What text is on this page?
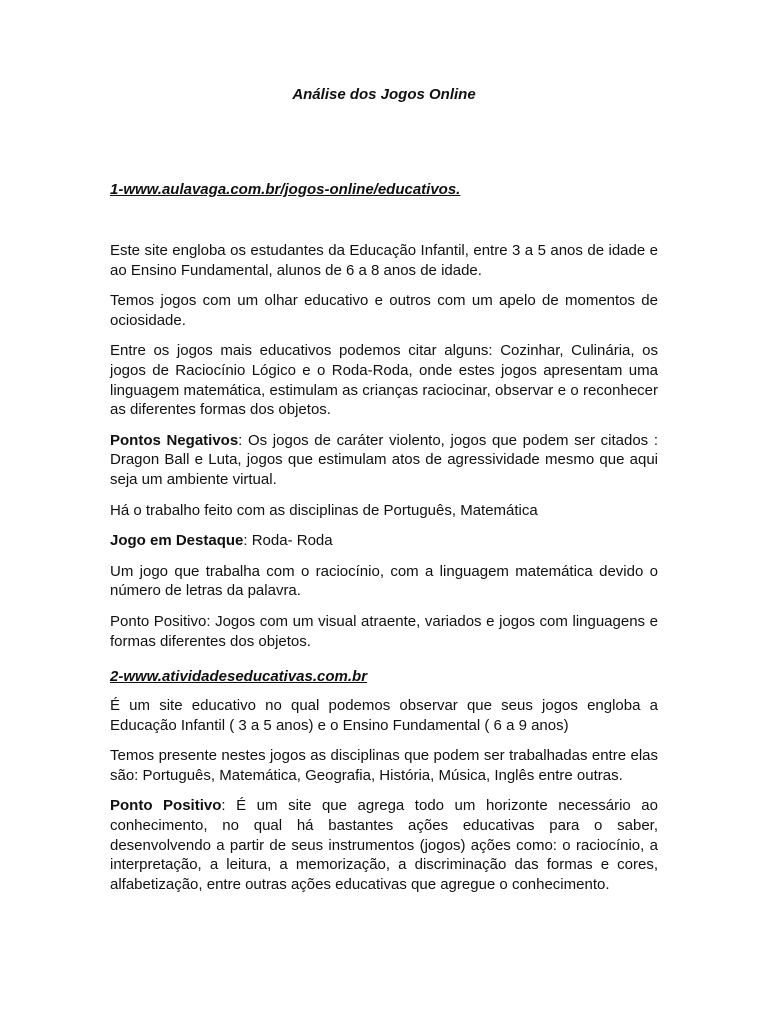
Análise dos Jogos Online
1-www.aulavaga.com.br/jogos-online/educativos.

Este site engloba os estudantes da Educação Infantil, entre 3 a 5 anos de idade e ao Ensino Fundamental, alunos de 6 a 8 anos de idade.

Temos jogos com um olhar educativo e outros com um apelo de momentos de ociosidade.

Entre os jogos mais educativos podemos citar alguns: Cozinhar, Culinária, os jogos de Raciocínio Lógico e o Roda-Roda, onde estes jogos apresentam uma linguagem matemática, estimulam as crianças raciocinar, observar e o reconhecer as diferentes formas dos objetos.

Pontos Negativos: Os jogos de caráter violento, jogos que podem ser citados : Dragon Ball e Luta, jogos que estimulam atos de agressividade mesmo que aqui seja um ambiente virtual.

Há o trabalho feito com as disciplinas de Português, Matemática

Jogo em Destaque: Roda- Roda

Um jogo que trabalha com o raciocínio, com a linguagem matemática devido o número de letras da palavra.

Ponto Positivo: Jogos com um visual atraente, variados e jogos com linguagens e formas diferentes dos objetos.

2-www.atividadeseducativas.com.br

É um site educativo no qual podemos observar que seus jogos engloba a Educação Infantil ( 3 a 5 anos) e o Ensino Fundamental ( 6 a 9 anos)

Temos presente nestes jogos as disciplinas que podem ser trabalhadas entre elas são: Português, Matemática, Geografia, História, Música, Inglês entre outras.

Ponto Positivo: É um site que agrega todo um horizonte necessário ao conhecimento, no qual há bastantes ações educativas para o saber, desenvolvendo a partir de seus instrumentos (jogos) ações como: o raciocínio, a interpretação, a leitura, a memorização, a discriminação das formas e cores, alfabetização, entre outras ações educativas que agregue o conhecimento.
